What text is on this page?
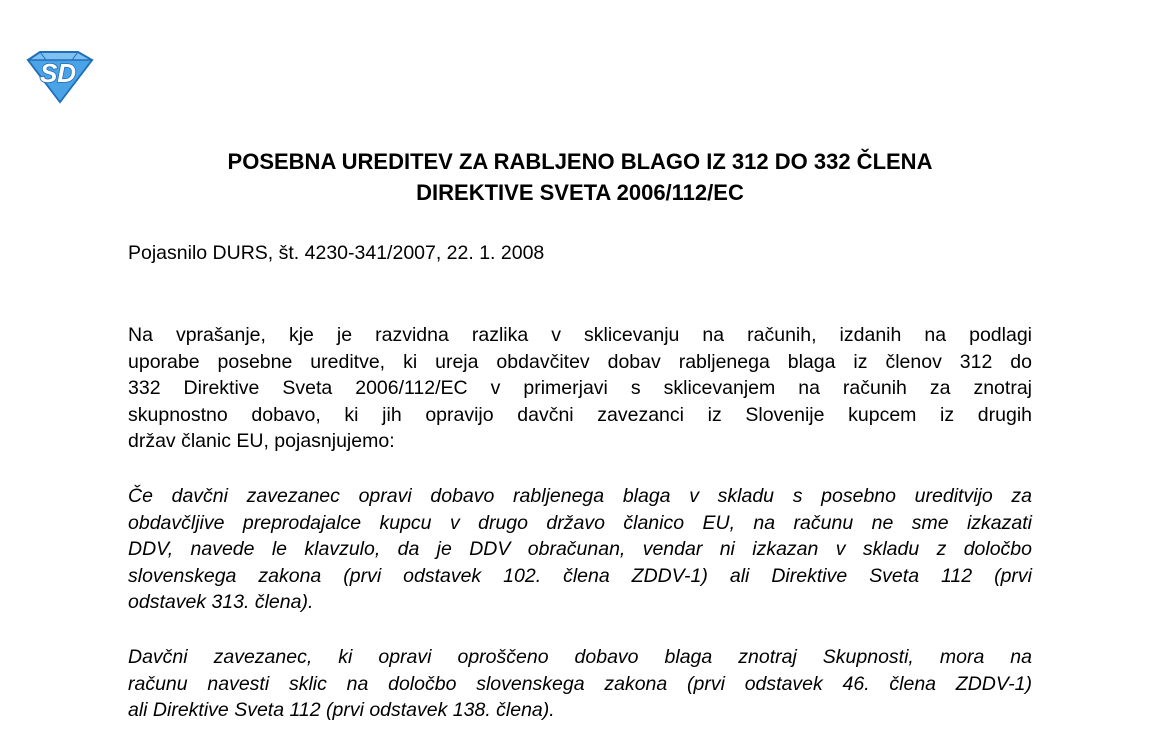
SD
POSEBNA UREDITEV ZA RABLJENO BLAGO IZ 312 DO 332 ČLENA
DIREKTIVE SVETA 2006/112/EC

Pojasnilo DURS, št. 4230-341/2007, 22. 1. 2008

Na vprašanje, kje je razvidna razlika v sklicevanju na računih, izdanih na podlagi
uporabe posebne ureditve, ki ureja obdavčitev dobav rabljenega blaga iz členov 312 do
332 Direktive Sveta 2006/112/EC v primerjavi s sklicevanjem na računih za znotraj
skupnostno dobavo, ki jih opravijo davčni zavezanci iz Slovenije kupcem iz drugih
držav članic EU, pojasnjujemo:

Če davčni zavezanec opravi dobavo rabljenega blaga v skladu s posebno ureditvijo za
obdavčljive preprodajalce kupcu v drugo državo članico EU, na računu ne sme izkazati
DDV, navede le klavzulo, da je DDV obračunan, vendar ni izkazan v skladu z določbo
slovenskega zakona (prvi odstavek 102. člena ZDDV-1) ali Direktive Sveta 112 (prvi
odstavek 313. člena).

Davčni zavezanec, ki opravi oproščeno dobavo blaga znotraj Skupnosti, mora na
računu navesti sklic na določbo slovenskega zakona (prvi odstavek 46. člena ZDDV-1)
ali Direktive Sveta 112 (prvi odstavek 138. člena).
